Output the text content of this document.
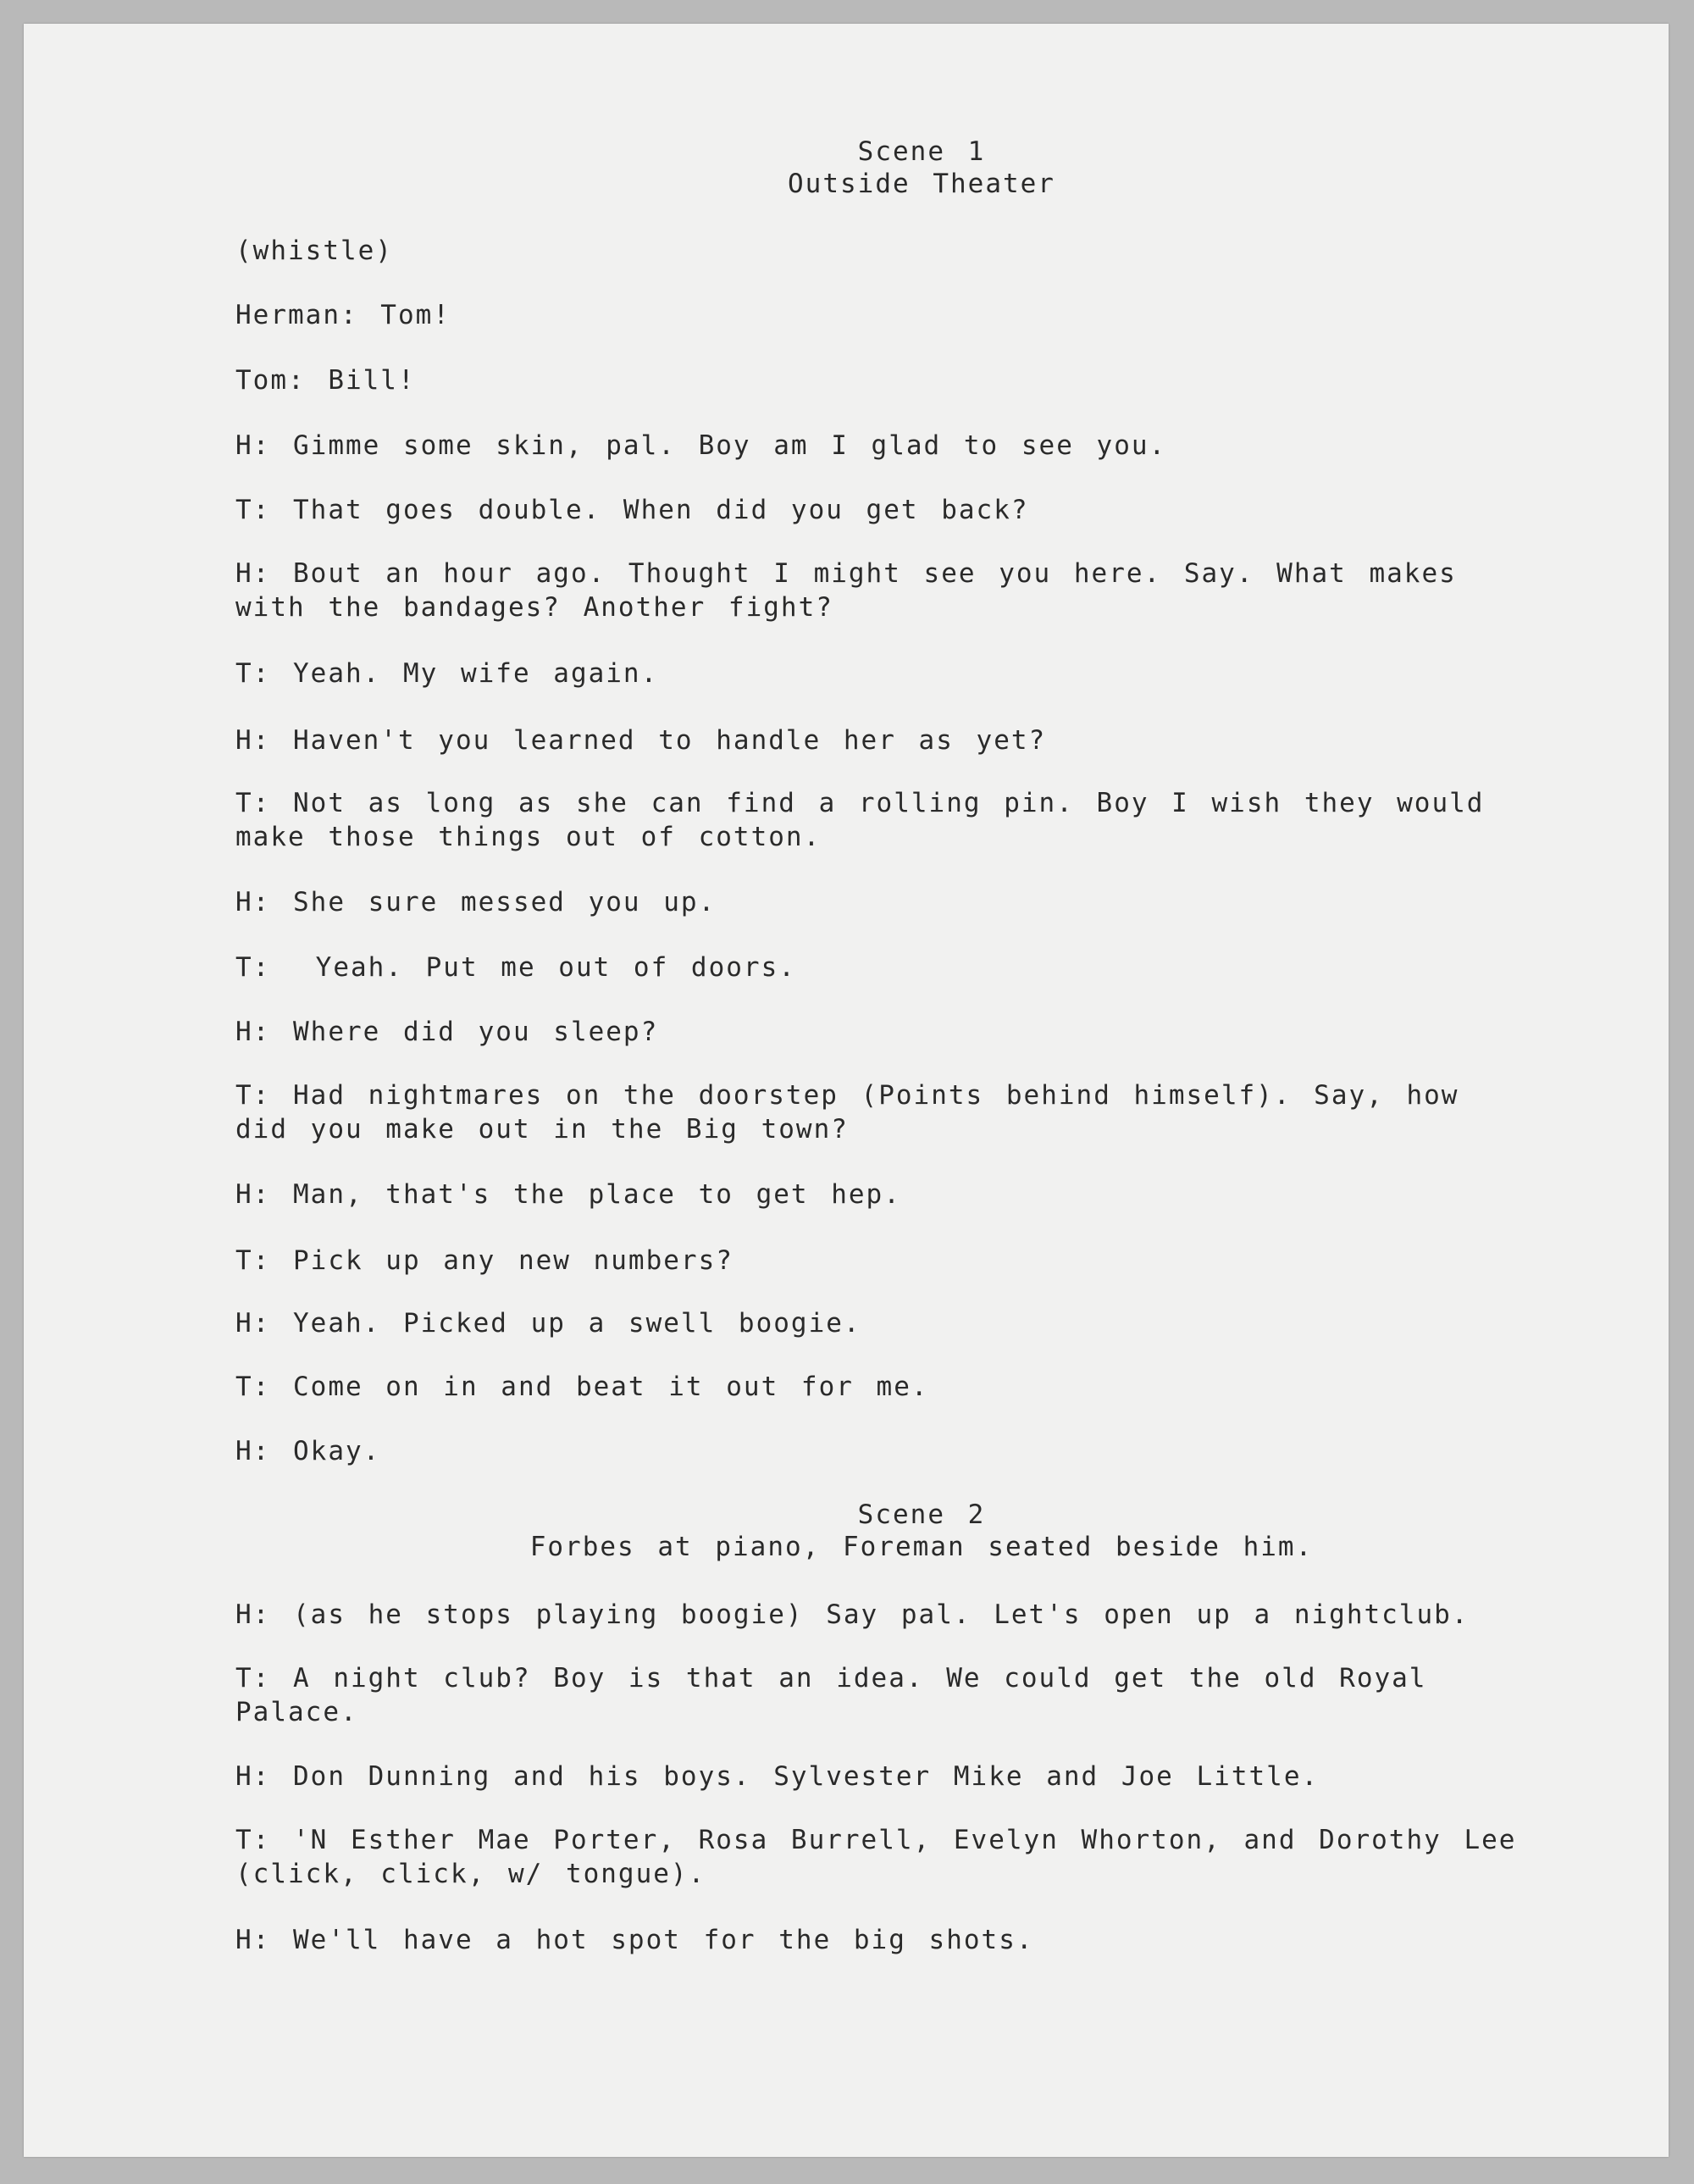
Scene 1
Outside Theater
(whistle)
Herman: Tom!
Tom: Bill!
H: Gimme some skin, pal. Boy am I glad to see you.
T: That goes double. When did you get back?
H: Bout an hour ago. Thought I might see you here. Say. What makes
with the bandages? Another fight?
T: Yeah. My wife again.
H: Haven't you learned to handle her as yet?
T: Not as long as she can find a rolling pin. Boy I wish they would
make those things out of cotton.
H: She sure messed you up.
T:  Yeah. Put me out of doors.
H: Where did you sleep?
T: Had nightmares on the doorstep (Points behind himself). Say, how
did you make out in the Big town?
H: Man, that's the place to get hep.
T: Pick up any new numbers?
H: Yeah. Picked up a swell boogie.
T: Come on in and beat it out for me.
H: Okay.
Scene 2
Forbes at piano, Foreman seated beside him.
H: (as he stops playing boogie) Say pal. Let's open up a nightclub.
T: A night club? Boy is that an idea. We could get the old Royal
Palace.
H: Don Dunning and his boys. Sylvester Mike and Joe Little.
T: 'N Esther Mae Porter, Rosa Burrell, Evelyn Whorton, and Dorothy Lee
(click, click, w/ tongue).
H: We'll have a hot spot for the big shots.
